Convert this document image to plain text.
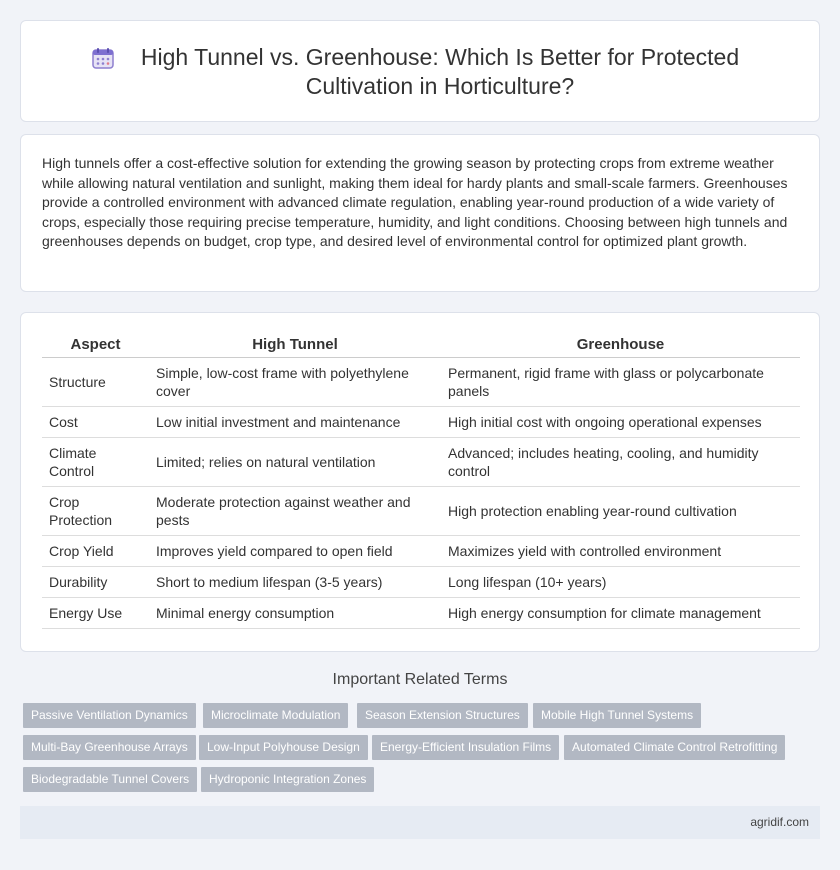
High Tunnel vs. Greenhouse: Which Is Better for Protected Cultivation in Horticulture?

High tunnels offer a cost-effective solution for extending the growing season by protecting crops from extreme weather while allowing natural ventilation and sunlight, making them ideal for hardy plants and small-scale farmers. Greenhouses provide a controlled environment with advanced climate regulation, enabling year-round production of a wide variety of crops, especially those requiring precise temperature, humidity, and light conditions. Choosing between high tunnels and greenhouses depends on budget, crop type, and desired level of environmental control for optimized plant growth.

Aspect	High Tunnel	Greenhouse
Structure	Simple, low-cost frame with polyethylene cover	Permanent, rigid frame with glass or polycarbonate panels
Cost	Low initial investment and maintenance	High initial cost with ongoing operational expenses
Climate Control	Limited; relies on natural ventilation	Advanced; includes heating, cooling, and humidity control
Crop Protection	Moderate protection against weather and pests	High protection enabling year-round cultivation
Crop Yield	Improves yield compared to open field	Maximizes yield with controlled environment
Durability	Short to medium lifespan (3-5 years)	Long lifespan (10+ years)
Energy Use	Minimal energy consumption	High energy consumption for climate management
Important Related Terms
Passive Ventilation Dynamics	Microclimate Modulation	Season Extension Structures	Mobile High Tunnel Systems
Multi-Bay Greenhouse Arrays	Low-Input Polyhouse Design	Energy-Efficient Insulation Films	Automated Climate Control Retrofitting
Biodegradable Tunnel Covers	Hydroponic Integration Zones
agridif.com
